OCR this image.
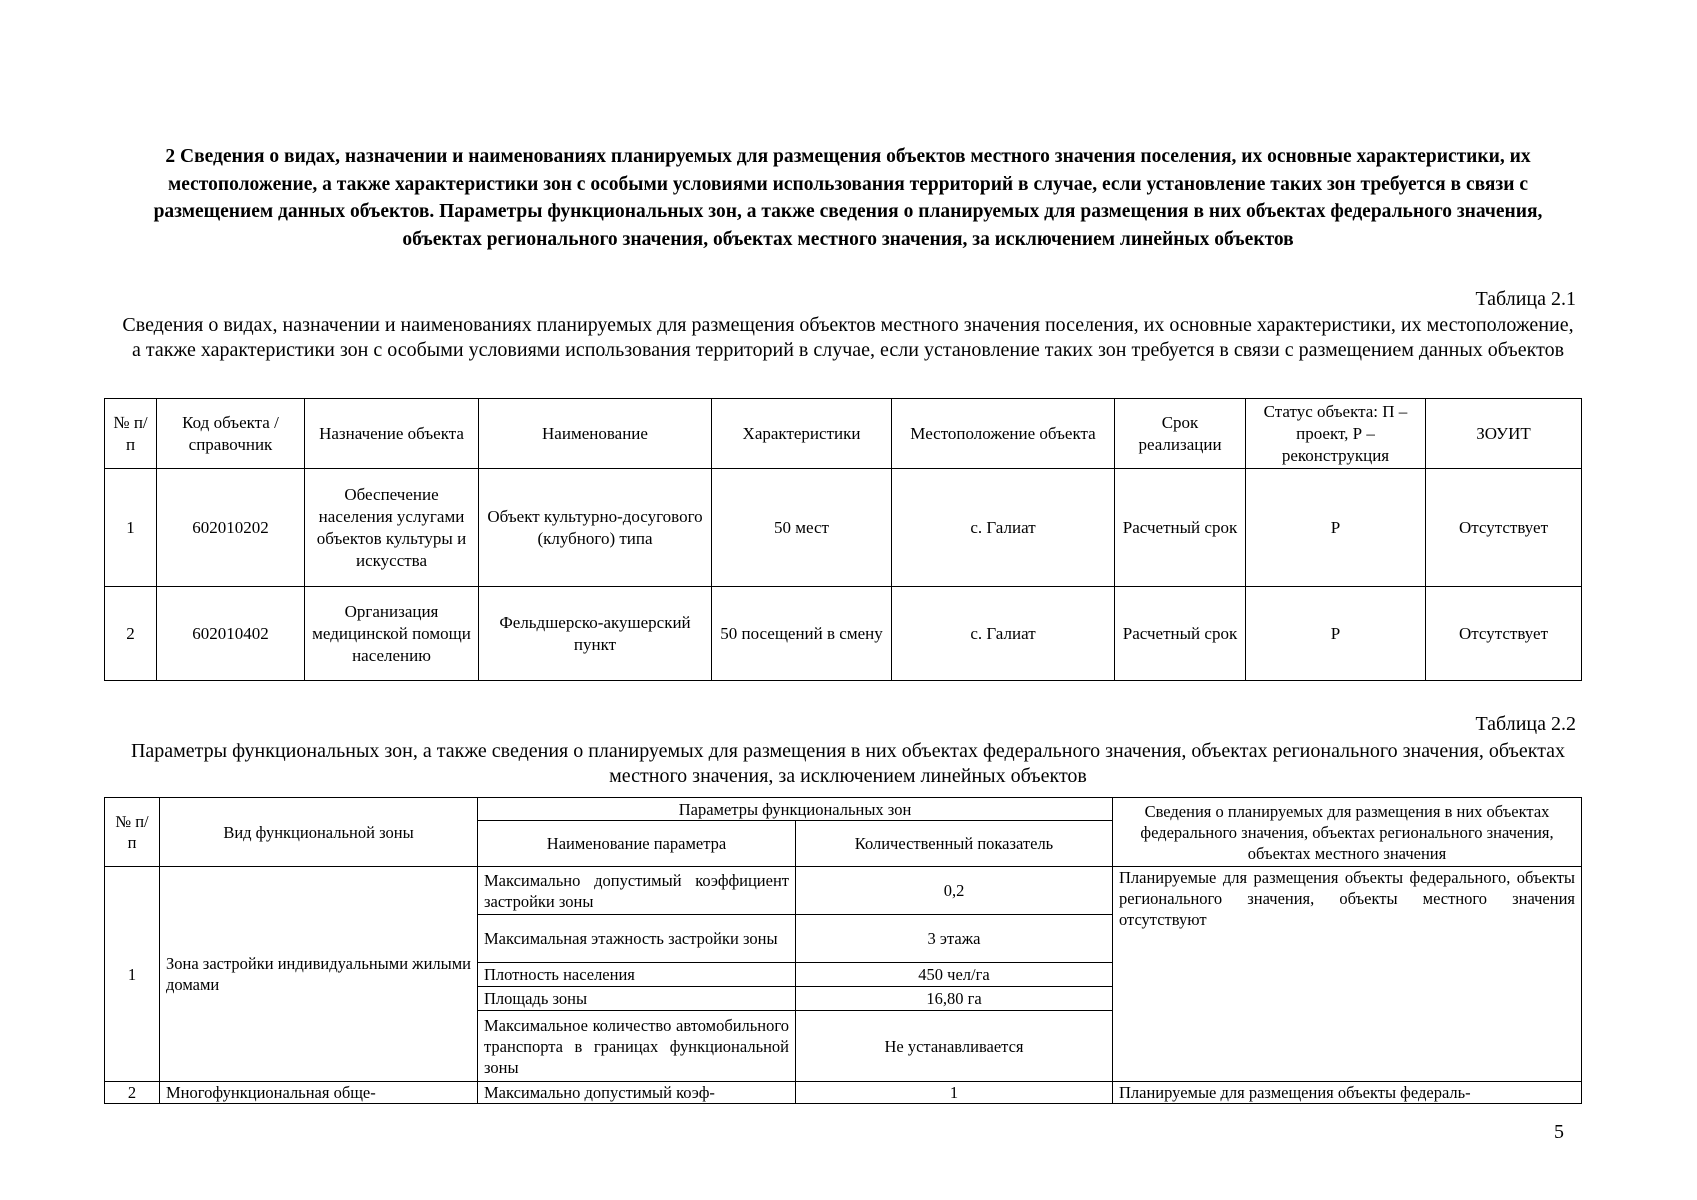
2 Сведения о видах, назначении и наименованиях планируемых для размещения объектов местного значения поселения, их основные характеристики, их местоположение, а также характеристики зон с особыми условиями использования территорий в случае, если установление таких зон требуется в связи с размещением данных объектов. Параметры функциональных зон, а также сведения о планируемых для размещения в них объектах федерального значения, объектах регионального значения, объектах местного значения, за исключением линейных объектов
Таблица 2.1
Сведения о видах, назначении и наименованиях планируемых для размещения объектов местного значения поселения, их основные характеристики, их местоположение, а также характеристики зон с особыми условиями использования территорий в случае, если установление таких зон требуется в связи с размещением данных объектов
№ п/п	Код объекта / справочник	Назначение объекта	Наименование	Характеристики	Местоположение объекта	Срок реализации	Статус объекта: П – проект, Р – реконструкция	ЗОУИТ
1	602010202	Обеспечение населения услугами объектов культуры и искусства	Объект культурно-досугового (клубного) типа	50 мест	с. Галиат	Расчетный срок	Р	Отсутствует
2	602010402	Организация медицинской помощи населению	Фельдшерско-акушерский пункт	50 посещений в смену	с. Галиат	Расчетный срок	Р	Отсутствует
Таблица 2.2
Параметры функциональных зон, а также сведения о планируемых для размещения в них объектах федерального значения, объектах регионального значения, объектах местного значения, за исключением линейных объектов
№ п/п	Вид функциональной зоны	Параметры функциональных зон		Сведения о планируемых для размещения в них объектах федерального значения, объектах регионального значения, объектах местного значения
		Наименование параметра	Количественный показатель	
1	Зона застройки индивидуальными жилыми домами	Максимально допустимый коэффициент застройки зоны	0,2	Планируемые для размещения объекты федерального, объекты регионального значения, объекты местного значения отсутствуют
		Максимальная этажность застройки зоны	3 этажа	
		Плотность населения	450 чел/га	
		Площадь зоны	16,80 га	
		Максимальное количество автомобильного транспорта в границах функциональной зоны	Не устанавливается	
2	Многофункциональная обще-	Максимально допустимый коэф-	1	Планируемые для размещения объекты федераль-
5
